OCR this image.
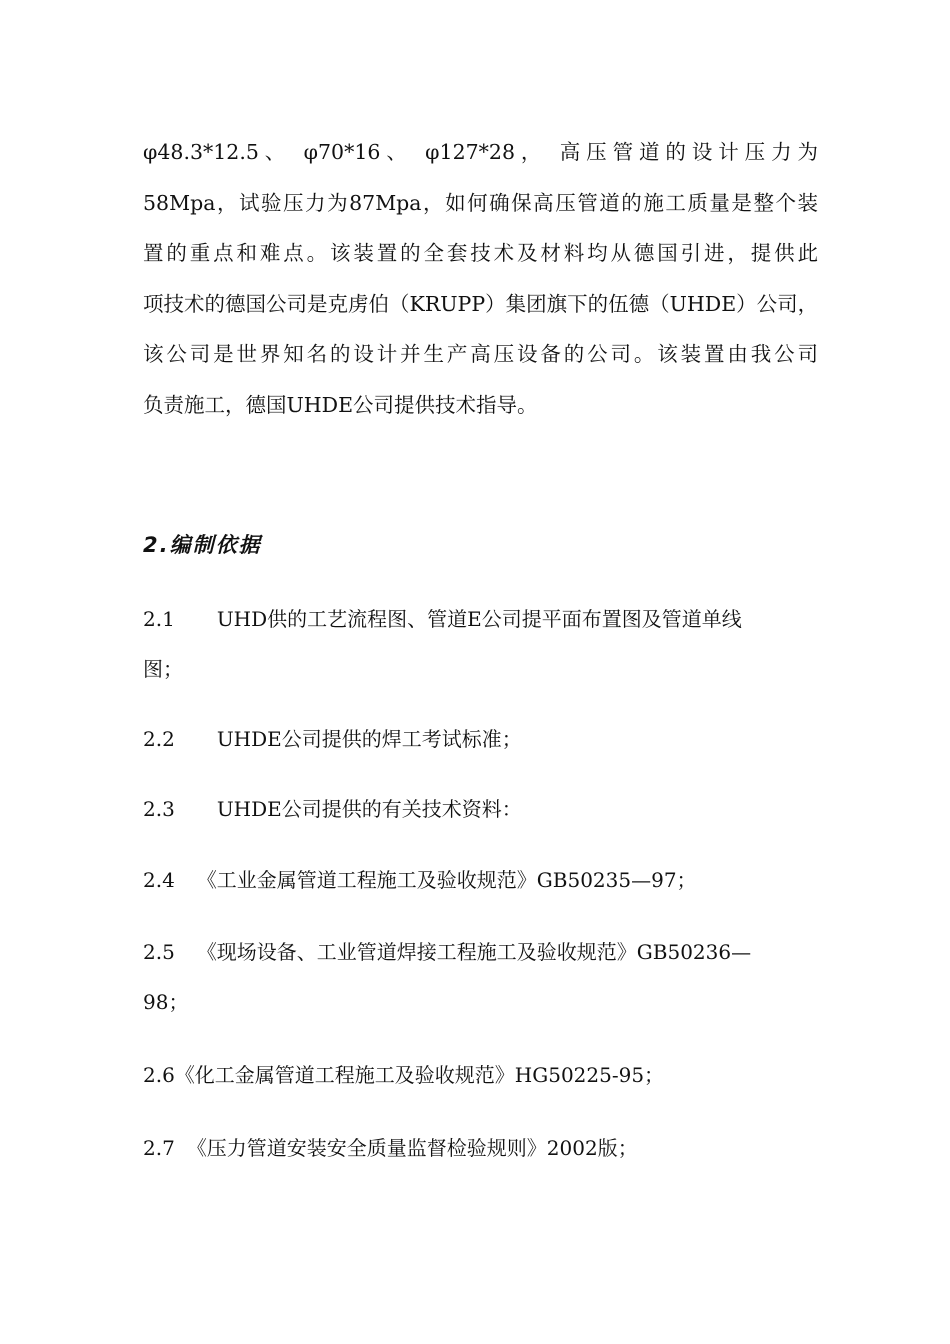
φ48.3*12.5、 φ70*16、 φ127*28， 高压管道的设计压力为
58Mpa，试验压力为87Mpa，如何确保高压管道的施工质量是整个装
置的重点和难点。该装置的全套技术及材料均从德国引进，提供此
项技术的德国公司是克虏伯（KRUPP）集团旗下的伍德（UHDE）公司，
该公司是世界知名的设计并生产高压设备的公司。该装置由我公司
负责施工，德国UHDE公司提供技术指导。
2.编制依据
2.1 UHD供的工艺流程图、管道E公司提平面布置图及管道单线
图；
2.2 UHDE公司提供的焊工考试标准；
2.3 UHDE公司提供的有关技术资料：
2.4 《工业金属管道工程施工及验收规范》GB50235—97；
2.5 《现场设备、工业管道焊接工程施工及验收规范》GB50236—
98；
2.6《化工金属管道工程施工及验收规范》HG50225-95；
2.7 《压力管道安装安全质量监督检验规则》2002版；
